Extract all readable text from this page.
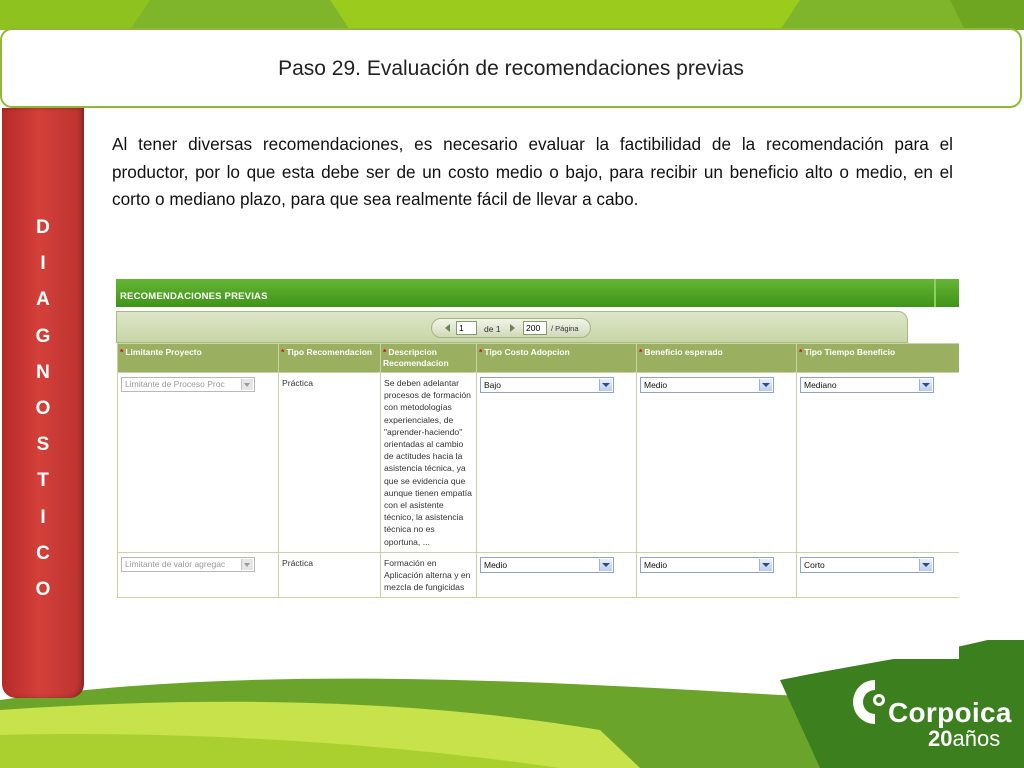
Paso 29. Evaluación de recomendaciones previas
D
I
A
G
N
O
S
T
I
C
O
Al tener diversas recomendaciones, es necesario evaluar la factibilidad de la recomendación para el productor, por lo que esta debe ser de un costo medio o bajo, para recibir un beneficio alto o medio, en el corto o mediano plazo, para que sea realmente fácil de llevar a cabo.
RECOMENDACIONES PREVIAS
1	de 1	200	/ Página
* Limitante Proyecto	* Tipo Recomendacion	* Descripcion Recomendacion	* Tipo Costo Adopcion	* Beneficio esperado	* Tipo Tiempo Beneficio

Limitante de Proceso Proc	Práctica	Se deben adelantar procesos de formación con metodologías experienciales, de "aprender-haciendo" orientadas al cambio de actitudes hacia la asistencia técnica, ya que se evidencia que aunque tienen empatía con el asistente técnico, la asistencia técnica no es oportuna, ...	Bajo	Medio	Mediano

Limitante de valor agregac	Práctica	Formación en Aplicación alterna y en mezcla de fungicidas	Medio	Medio	Corto
Corpoica
20años
